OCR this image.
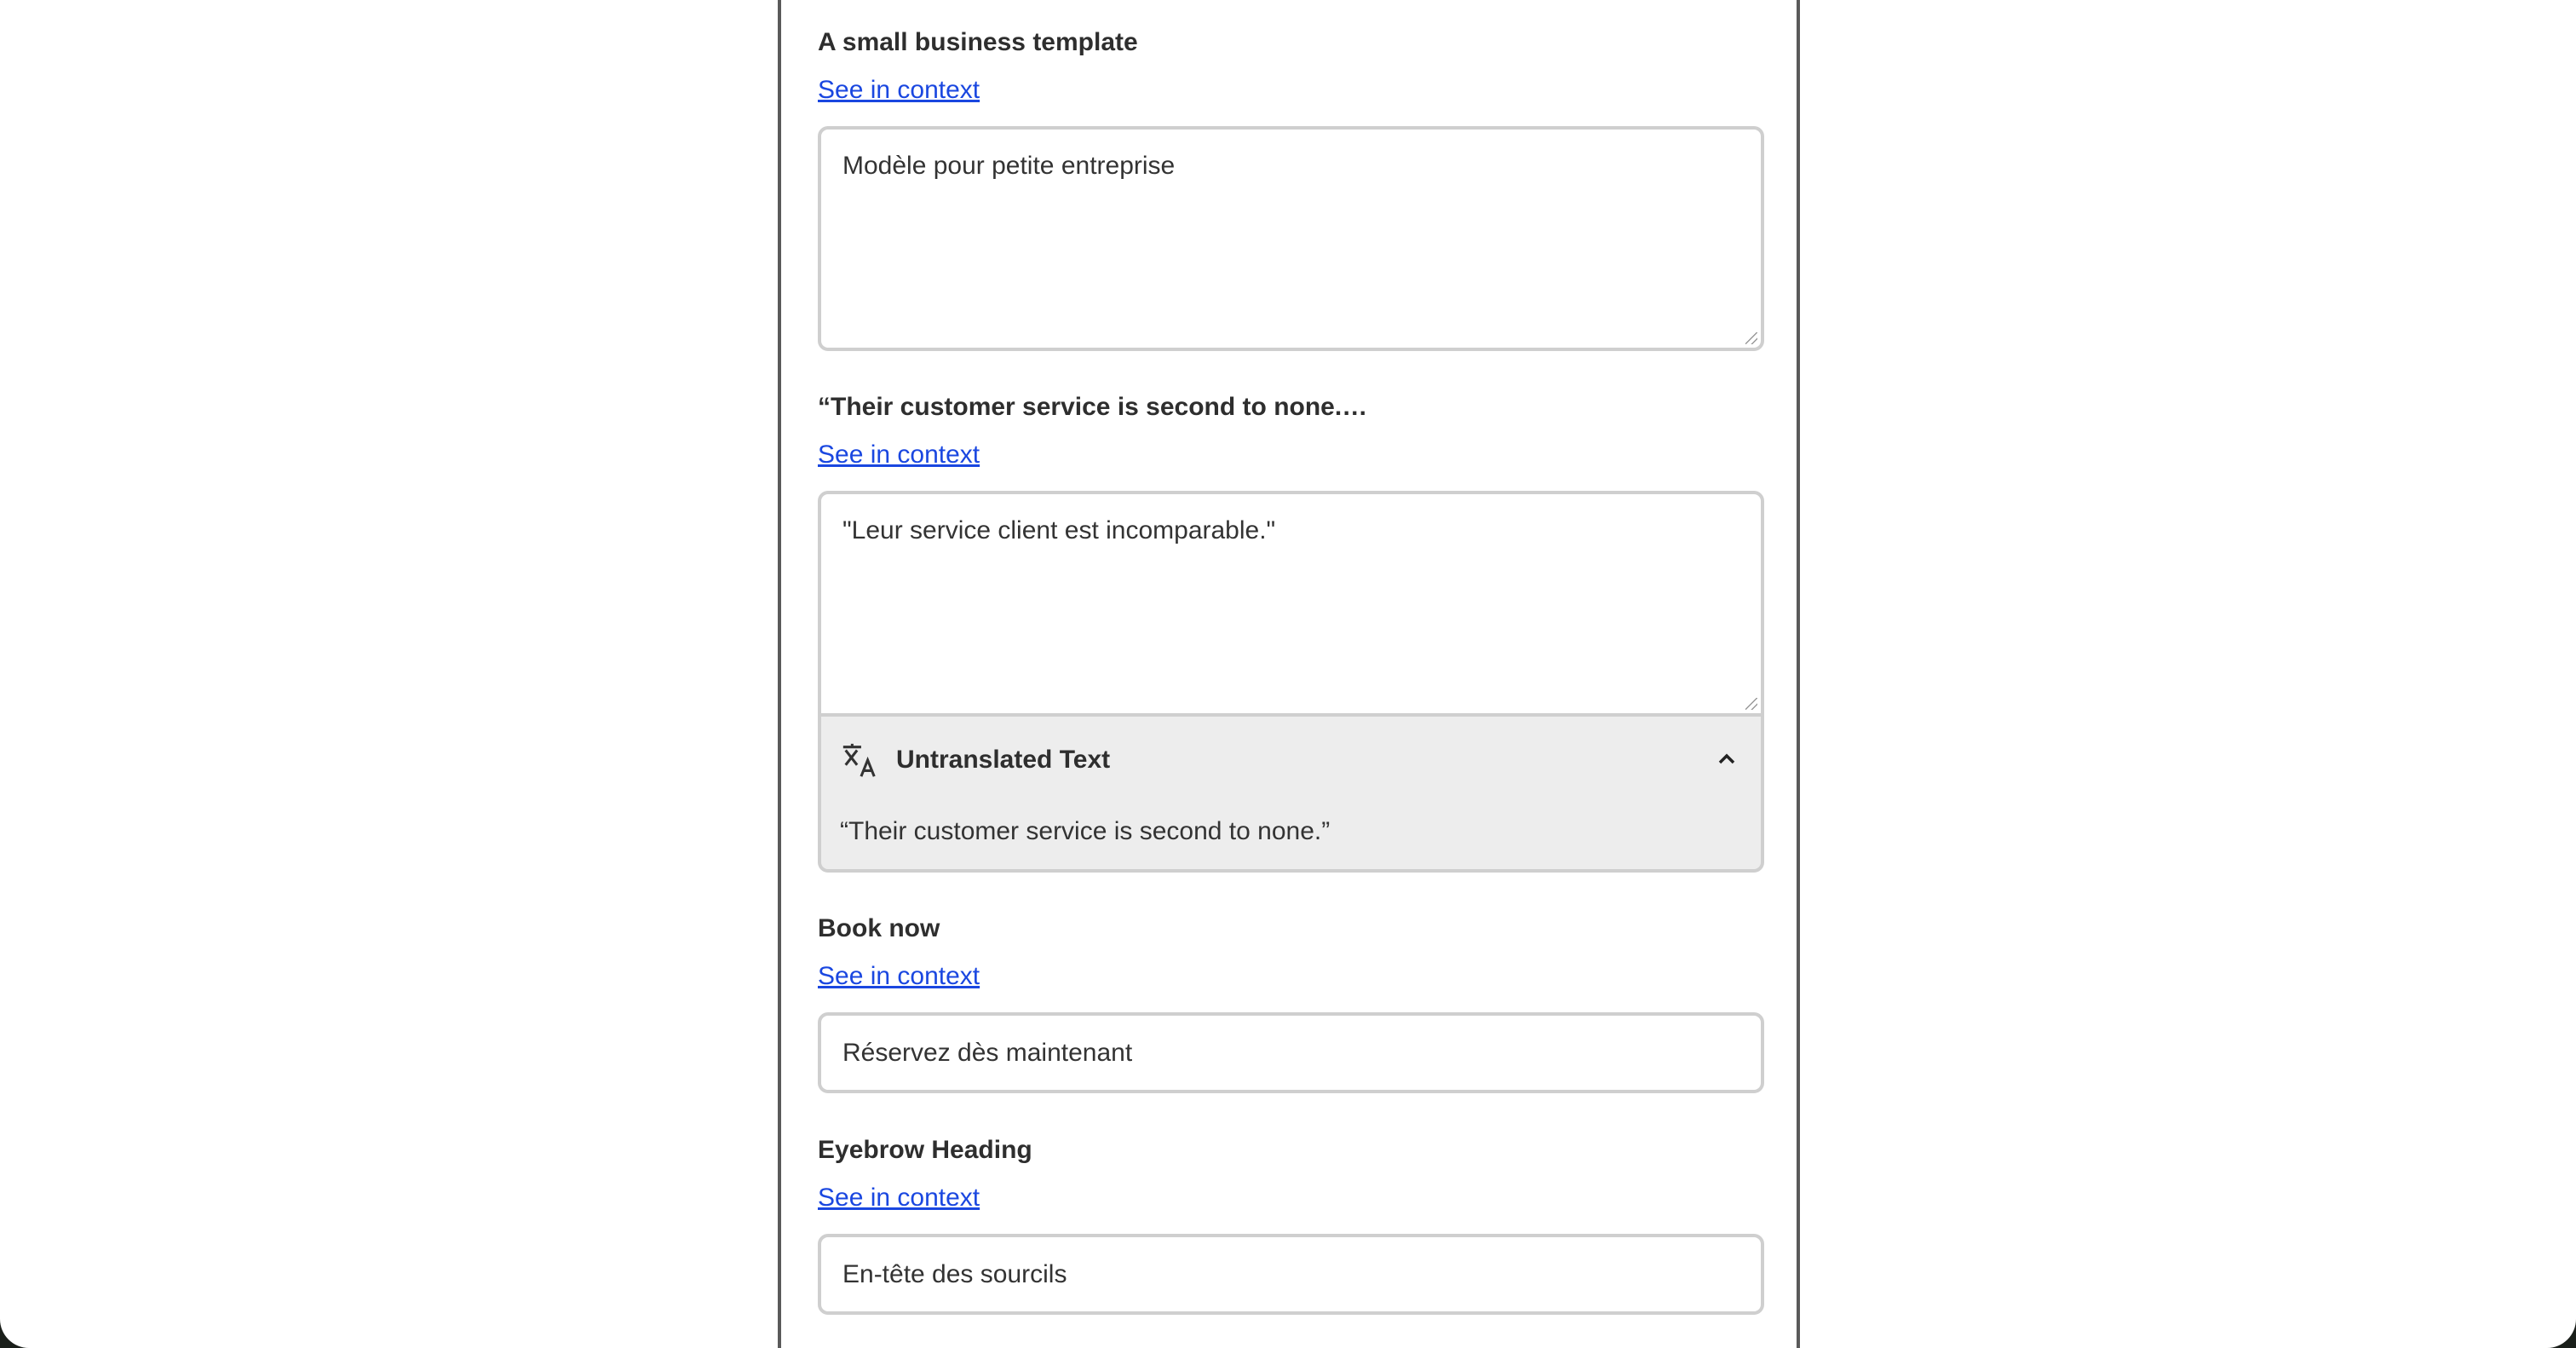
A small business template
See in context
Modèle pour petite entreprise
“Their customer service is second to none.…
See in context
"Leur service client est incomparable."
Untranslated Text
“Their customer service is second to none.”
Book now
See in context
Réservez dès maintenant
Eyebrow Heading
See in context
En-tête des sourcils
